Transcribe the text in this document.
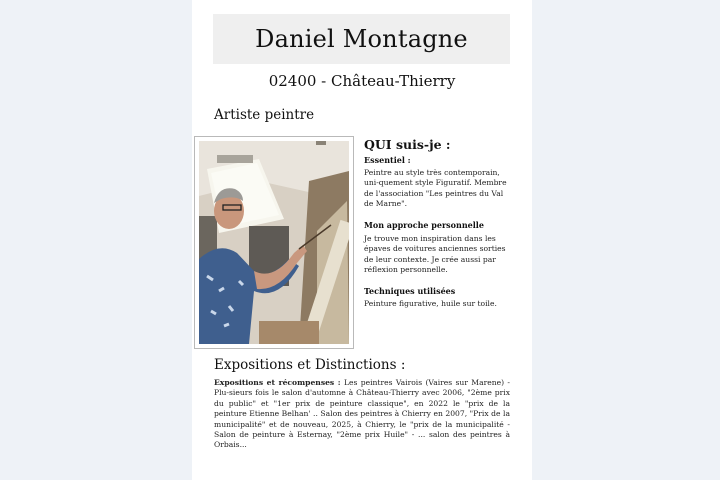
Daniel Montagne
02400 - Château-Thierry
Artiste peintre
QUI suis-je :
Essentiel :
Peintre au style très contemporain, uni-quement style Figuratif. Membre de l'association "Les peintres du Val de Marne".
Mon approche personnelle
Je trouve mon inspiration dans les épaves de voitures anciennes sorties de leur contexte. Je crée aussi par réflexion personnelle.
Techniques utilisées
Peinture figurative, huile sur toile.
Expositions et Distinctions :
Expositions et récompenses : Les peintres Vairois (Vaires sur Marene) - Plu-sieurs fois le salon d'automne à Château-Thierry avec 2006, "2ème prix du public" et "1er prix de peinture classique", en 2022 le "prix de la peinture Etienne Belhan' .. Salon des peintres à Chierry en 2007, "Prix de la municipalité" et de nouveau, 2025, à Chierry, le "prix de la municipalité - Salon de peinture à Esternay, "2ème prix Huile" - ... salon des peintres à Orbais...
